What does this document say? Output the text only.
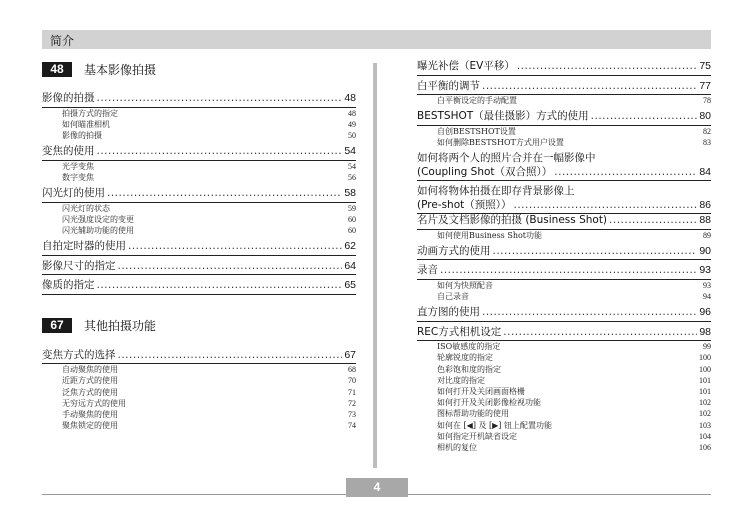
简介
48	基本影像拍摄
影像的拍摄 .....	48
拍摄方式的指定	48
如何瞄准相机	49
影像的拍摄	50
变焦的使用 .....	54
光学变焦	54
数字变焦	56
闪光灯的使用 .....	58
闪光灯的状态	59
闪光强度设定的变更	60
闪光辅助功能的使用	60
自拍定时器的使用 .....	62
影像尺寸的指定 .....	64
像质的指定 .....	65
67	其他拍摄功能
变焦方式的选择 .....	67
自动聚焦的使用	68
近距方式的使用	70
泛焦方式的使用	71
无穷远方式的使用	72
手动聚焦的使用	73
聚焦锁定的使用	74
曝光补偿（EV平移） .....	75
白平衡的调节 .....	77
白平衡设定的手动配置	78
BESTSHOT（最佳摄影）方式的使用 .....	80
自创BESTSHOT设置	82
如何删除BESTSHOT方式用户设置	83
如何将两个人的照片合并在一幅影像中
(Coupling Shot（双合照）） .....	84
如何将物体拍摄在即存背景影像上
(Pre-shot（预照）） .....	86
名片及文档影像的拍摄 (Business Shot) .....	88
如何使用Business Shot功能	89
动画方式的使用 .....	90
录音 .....	93
如何为快照配音	93
自己录音	94
直方图的使用 .....	96
REC方式相机设定 .....	98
ISO敏感度的指定	99
轮廓锐度的指定	100
色彩饱和度的指定	100
对比度的指定	101
如何打开及关闭画面格栅	101
如何打开及关闭影像检视功能	102
图标帮助功能的使用	102
如何在 [◀] 及 [▶] 钮上配置功能	103
如何指定开机缺省设定	104
相机的复位	106
4
